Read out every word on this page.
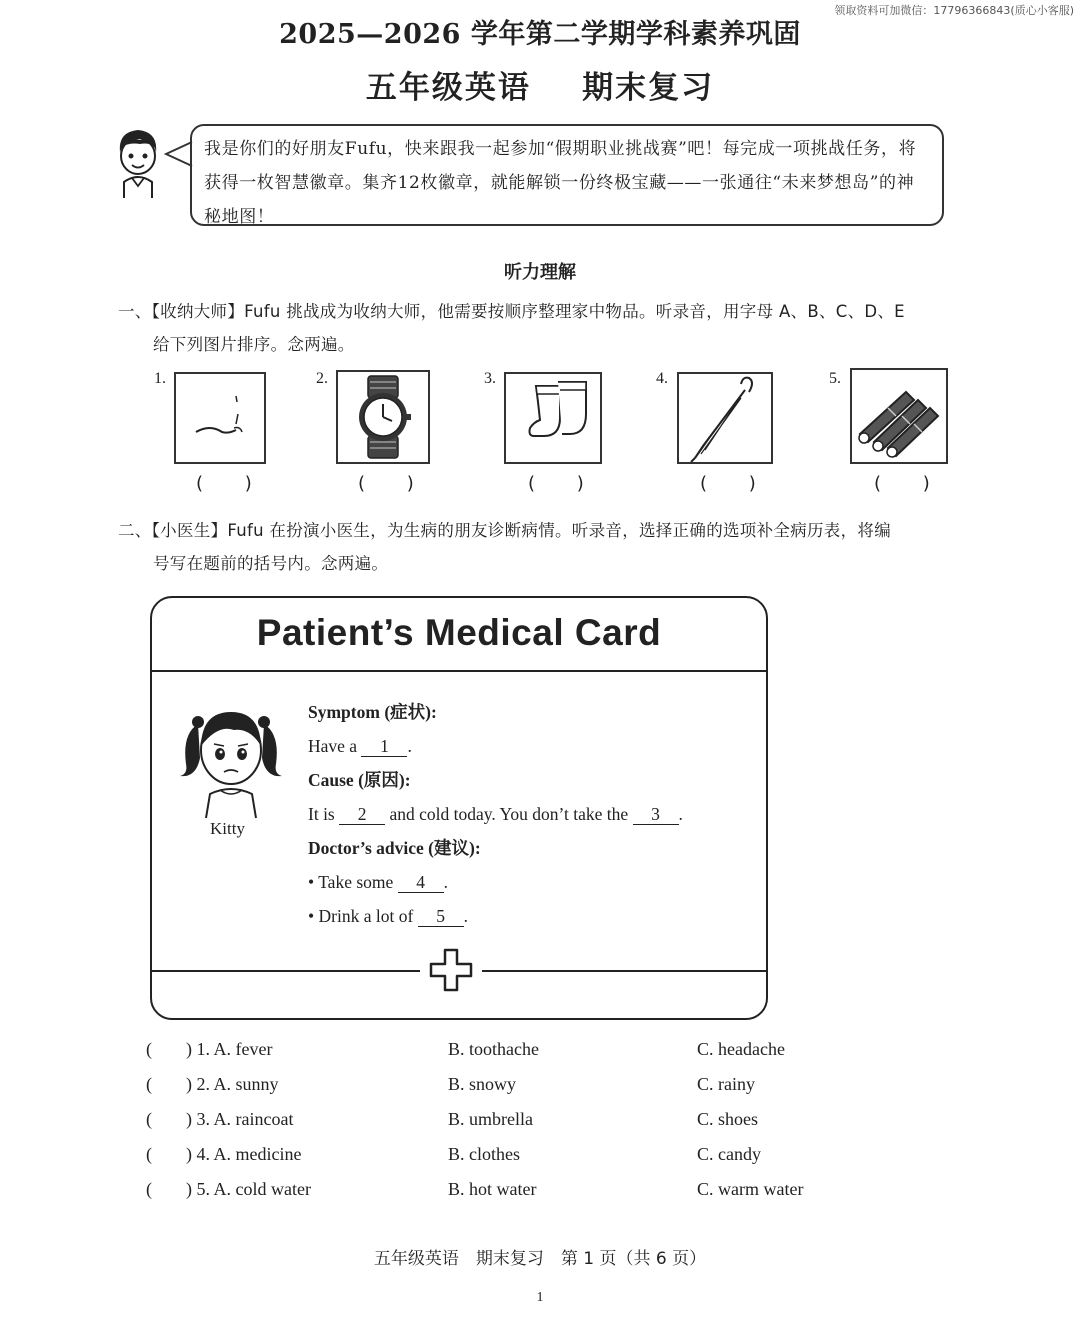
领取资料可加微信：17796366843(质心小客服)
2025—2026 学年第二学期学科素养巩固
五年级英语 期末复习
我是你们的好朋友Fufu，快来跟我一起参加“假期职业挑战赛”吧！每完成一项挑战任务，将获得一枚智慧徽章。集齐12枚徽章，就能解锁一份终极宝藏——一张通往“未来梦想岛”的神秘地图！
听力理解
一、【收纳大师】Fufu 挑战成为收纳大师，他需要按顺序整理家中物品。听录音，用字母 A、B、C、D、E
给下列图片排序。念两遍。
1.
( )
2.
( )
3.
( )
4.
( )
5.
( )
二、【小医生】Fufu 在扮演小医生，为生病的朋友诊断病情。听录音，选择正确的选项补全病历表，将编
号写在题前的括号内。念两遍。
Patient’s Medical Card
Kitty
Symptom (症状):
Have a 1 .
Cause (原因):
It is 2 and cold today. You don’t take the 3 .
Doctor’s advice (建议):
• Take some 4 .
• Drink a lot of 5 .
( ) 1. A. fever	B. toothache	C. headache
( ) 2. A. sunny	B. snowy	C. rainy
( ) 3. A. raincoat	B. umbrella	C. shoes
( ) 4. A. medicine	B. clothes	C. candy
( ) 5. A. cold water	B. hot water	C. warm water
五年级英语　期末复习　第 1 页（共 6 页）
1
